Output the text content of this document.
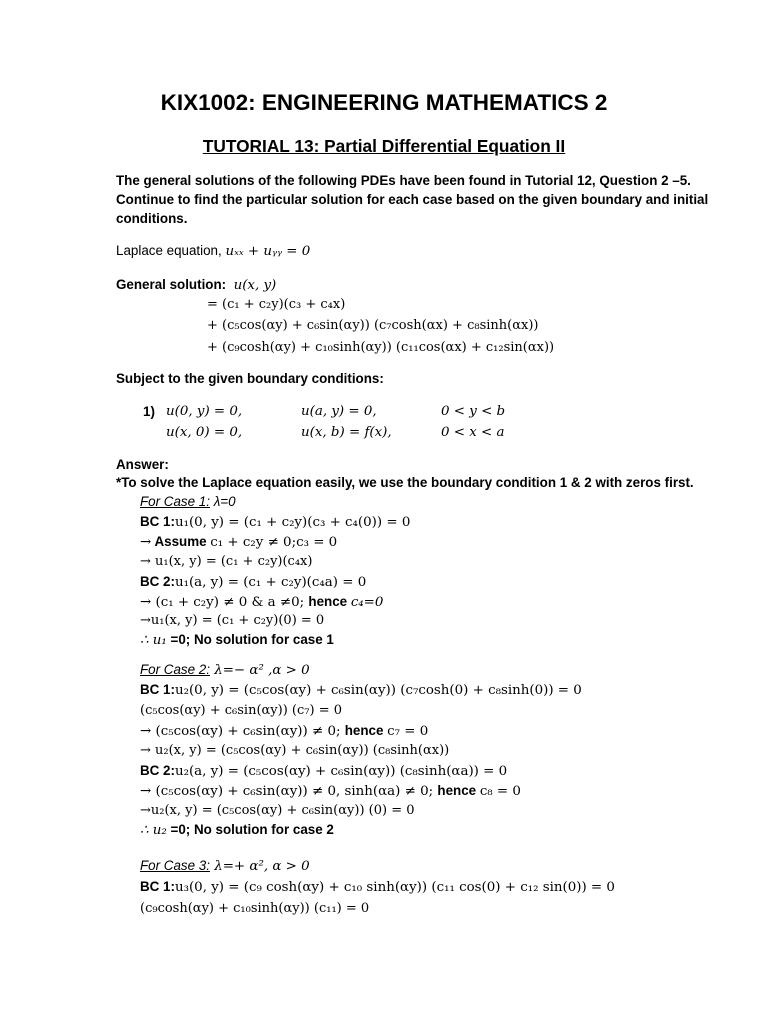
KIX1002: ENGINEERING MATHEMATICS 2
TUTORIAL 13: Partial Differential Equation II
The general solutions of the following PDEs have been found in Tutorial 12, Question 2 –5.
Continue to find the particular solution for each case based on the given boundary and initial
conditions.
Laplace equation, uₓₓ + uᵧᵧ = 0
General solution: u(x, y)
= (c₁ + c₂y)(c₃ + c₄x)
+ (c₅cos(αy) + c₆sin(αy)) (c₇cosh(αx) + c₈sinh(αx))
+ (c₉cosh(αy) + c₁₀sinh(αy)) (c₁₁cos(αx) + c₁₂sin(αx))
Subject to the given boundary conditions:
1) u(0, y) = 0,	u(a, y) = 0,	0 < y < b
u(x, 0) = 0,	u(x, b) = f(x),	0 < x < a
Answer:
*To solve the Laplace equation easily, we use the boundary condition 1 & 2 with zeros first.
For Case 1: λ=0
BC 1:u₁(0, y) = (c₁ + c₂y)(c₃ + c₄(0)) = 0
→ Assume c₁ + c₂y ≠ 0;c₃ = 0
→ u₁(x, y) = (c₁ + c₂y)(c₄x)
BC 2:u₁(a, y) = (c₁ + c₂y)(c₄a) = 0
→ (c₁ + c₂y) ≠ 0 & a ≠0; hence c₄=0
→u₁(x, y) = (c₁ + c₂y)(0) = 0
∴ u₁ =0; No solution for case 1
For Case 2: λ=− α² ,α > 0
BC 1:u₂(0, y) = (c₅cos(αy) + c₆sin(αy)) (c₇cosh(0) + c₈sinh(0)) = 0
(c₅cos(αy) + c₆sin(αy)) (c₇) = 0
→ (c₅cos(αy) + c₆sin(αy)) ≠ 0; hence c₇ = 0
→ u₂(x, y) = (c₅cos(αy) + c₆sin(αy)) (c₈sinh(αx))
BC 2:u₂(a, y) = (c₅cos(αy) + c₆sin(αy)) (c₈sinh(αa)) = 0
→ (c₅cos(αy) + c₆sin(αy)) ≠ 0, sinh(αa) ≠ 0; hence c₈ = 0
→u₂(x, y) = (c₅cos(αy) + c₆sin(αy)) (0) = 0
∴ u₂ =0; No solution for case 2
For Case 3: λ=+ α², α > 0
BC 1:u₃(0, y) = (c₉ cosh(αy) + c₁₀ sinh(αy)) (c₁₁ cos(0) + c₁₂ sin(0)) = 0
(c₉cosh(αy) + c₁₀sinh(αy)) (c₁₁) = 0
